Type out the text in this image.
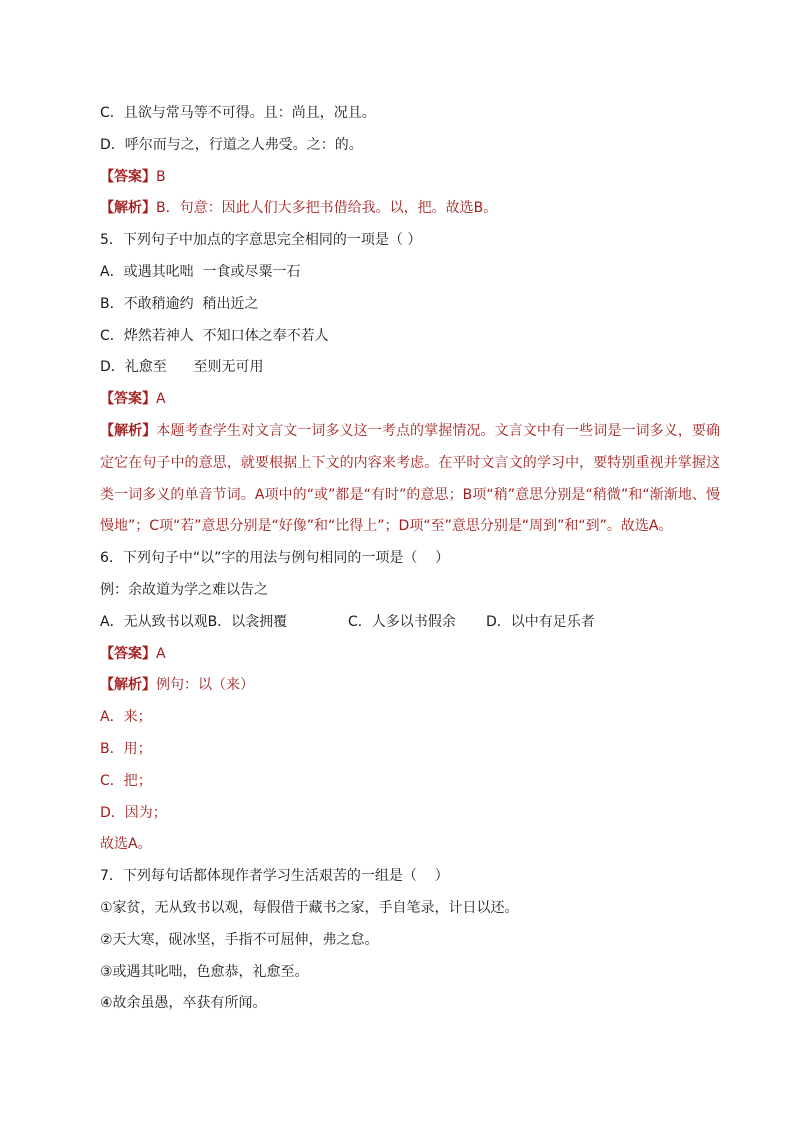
C．且欲与常马等不可得。且：尚且，况且。
D．呼尔而与之，行道之人弗受。之：的。
【答案】B
【解析】B．句意：因此人们大多把书借给我。以，把。故选B。
5．下列句子中加点的字意思完全相同的一项是（ ）
A．或遇其叱咄  一食或尽粟一石
B．不敢稍逾约  稍出近之
C．烨然若神人  不知口体之奉不若人
D．礼愈至      至则无可用
【答案】A
【解析】本题考查学生对文言文一词多义这一考点的掌握情况。文言文中有一些词是一词多义，要确定它在句子中的意思，就要根据上下文的内容来考虑。在平时文言文的学习中，要特别重视并掌握这类一词多义的单音节词。A项中的“或”都是“有时”的意思；B项“稍”意思分别是“稍微”和“渐渐地、慢慢地”；C项“若”意思分别是“好像”和“比得上”；D项“至”意思分别是“周到”和“到”。故选A。
6．下列句子中“以”字的用法与例句相同的一项是（    ）
例：余故道为学之难以告之
A．无从致书以观B．以衾拥覆	C．人多以书假余 D．以中有足乐者
【答案】A
【解析】例句：以（来）
A．来；
B．用；
C．把；
D．因为；
故选A。
7．下列每句话都体现作者学习生活艰苦的一组是（    ）
①家贫，无从致书以观，每假借于藏书之家，手自笔录，计日以还。
②天大寒，砚冰坚，手指不可屈伸，弗之怠。
③或遇其叱咄，色愈恭，礼愈至。
④故余虽愚，卒获有所闻。
